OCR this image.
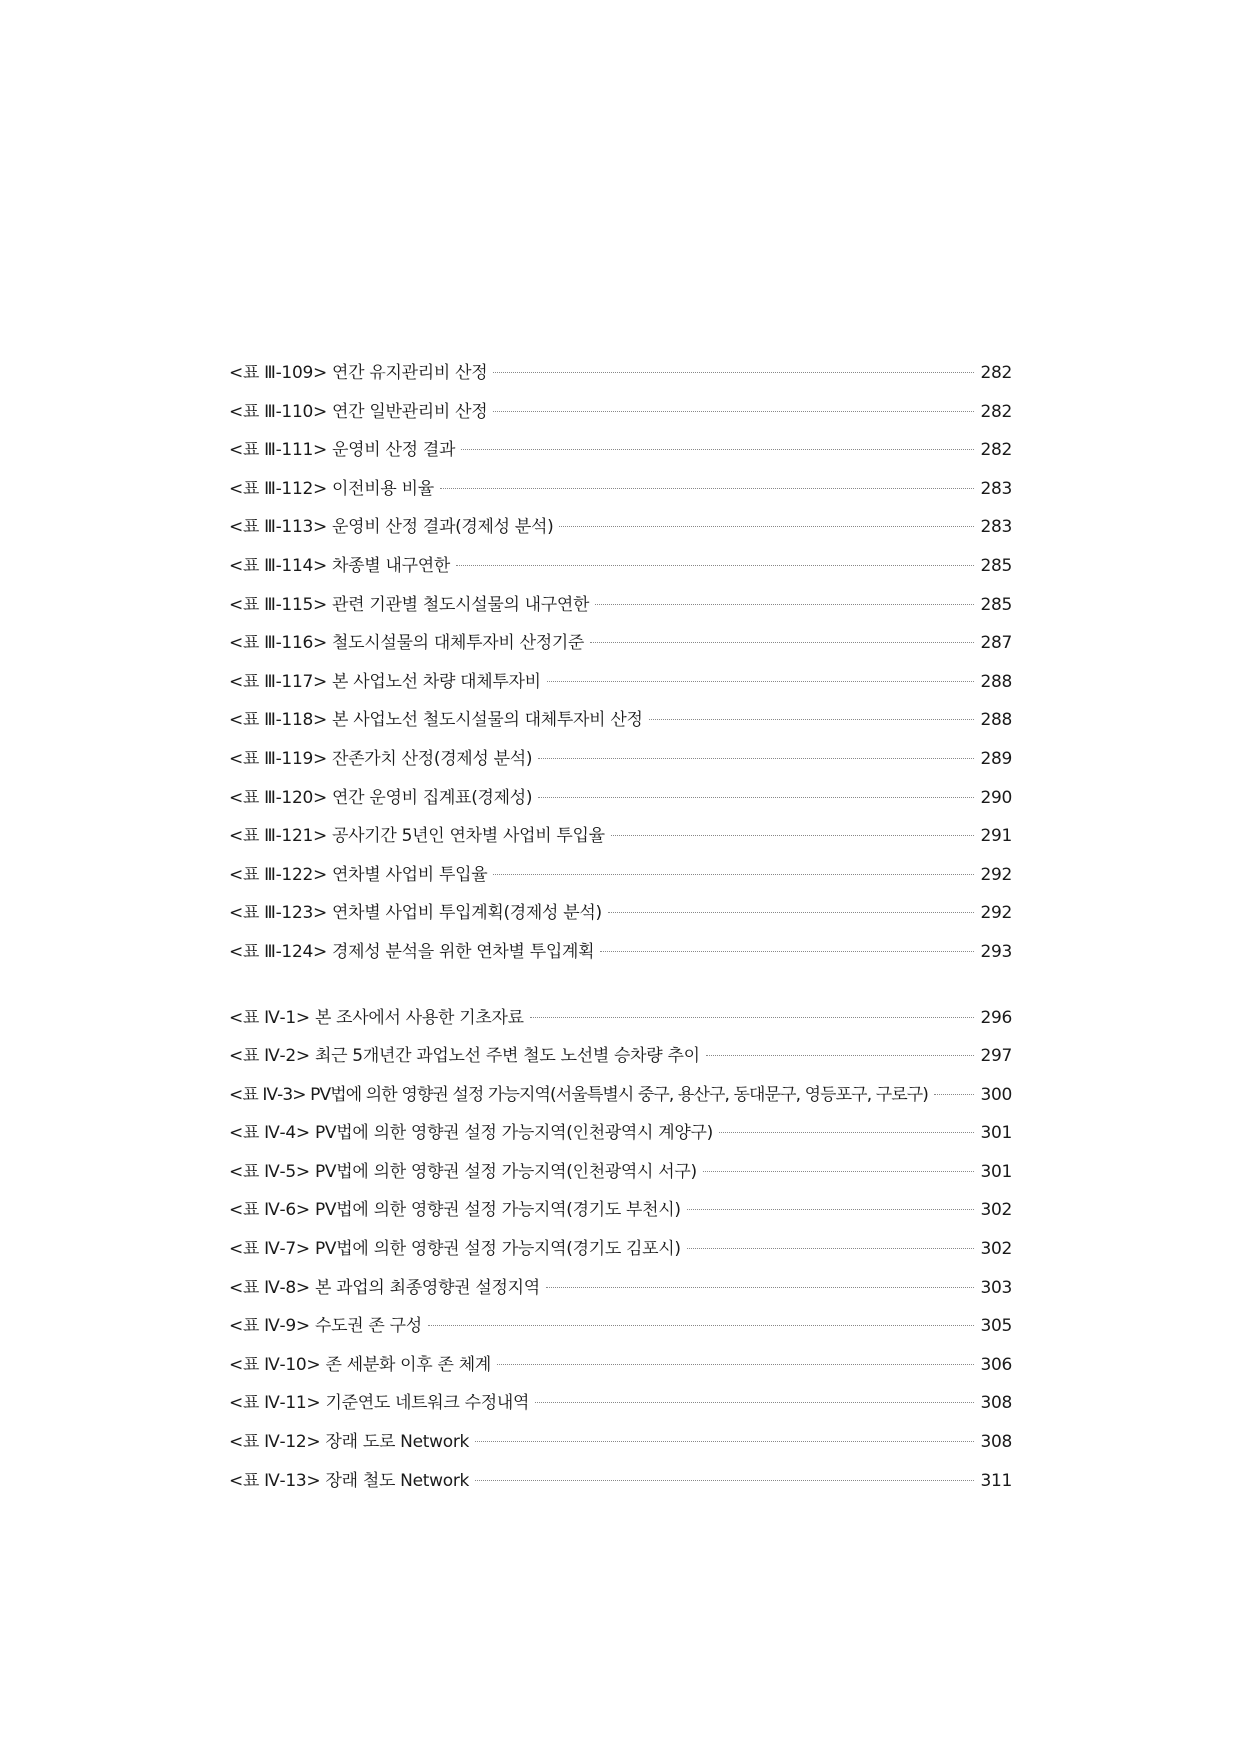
<표 Ⅲ-109> 연간 유지관리비 산정	282
<표 Ⅲ-110> 연간 일반관리비 산정	282
<표 Ⅲ-111> 운영비 산정 결과	282
<표 Ⅲ-112> 이전비용 비율	283
<표 Ⅲ-113> 운영비 산정 결과(경제성 분석)	283
<표 Ⅲ-114> 차종별 내구연한	285
<표 Ⅲ-115> 관련 기관별 철도시설물의 내구연한	285
<표 Ⅲ-116> 철도시설물의 대체투자비 산정기준	287
<표 Ⅲ-117> 본 사업노선 차량 대체투자비	288
<표 Ⅲ-118> 본 사업노선 철도시설물의 대체투자비 산정	288
<표 Ⅲ-119> 잔존가치 산정(경제성 분석)	289
<표 Ⅲ-120> 연간 운영비 집계표(경제성)	290
<표 Ⅲ-121> 공사기간 5년인 연차별 사업비 투입율	291
<표 Ⅲ-122> 연차별 사업비 투입율	292
<표 Ⅲ-123> 연차별 사업비 투입계획(경제성 분석)	292
<표 Ⅲ-124> 경제성 분석을 위한 연차별 투입계획	293
<표 Ⅳ-1> 본 조사에서 사용한 기초자료	296
<표 Ⅳ-2> 최근 5개년간 과업노선 주변 철도 노선별 승차량 추이	297
<표 Ⅳ-3> PV법에 의한 영향권 설정 가능지역(서울특별시 중구, 용산구, 동대문구, 영등포구, 구로구)	300
<표 Ⅳ-4> PV법에 의한 영향권 설정 가능지역(인천광역시 계양구)	301
<표 Ⅳ-5> PV법에 의한 영향권 설정 가능지역(인천광역시 서구)	301
<표 Ⅳ-6> PV법에 의한 영향권 설정 가능지역(경기도 부천시)	302
<표 Ⅳ-7> PV법에 의한 영향권 설정 가능지역(경기도 김포시)	302
<표 Ⅳ-8> 본 과업의 최종영향권 설정지역	303
<표 Ⅳ-9> 수도권 존 구성	305
<표 Ⅳ-10> 존 세분화 이후 존 체계	306
<표 Ⅳ-11> 기준연도 네트워크 수정내역	308
<표 Ⅳ-12> 장래 도로 Network	308
<표 Ⅳ-13> 장래 철도 Network	311
